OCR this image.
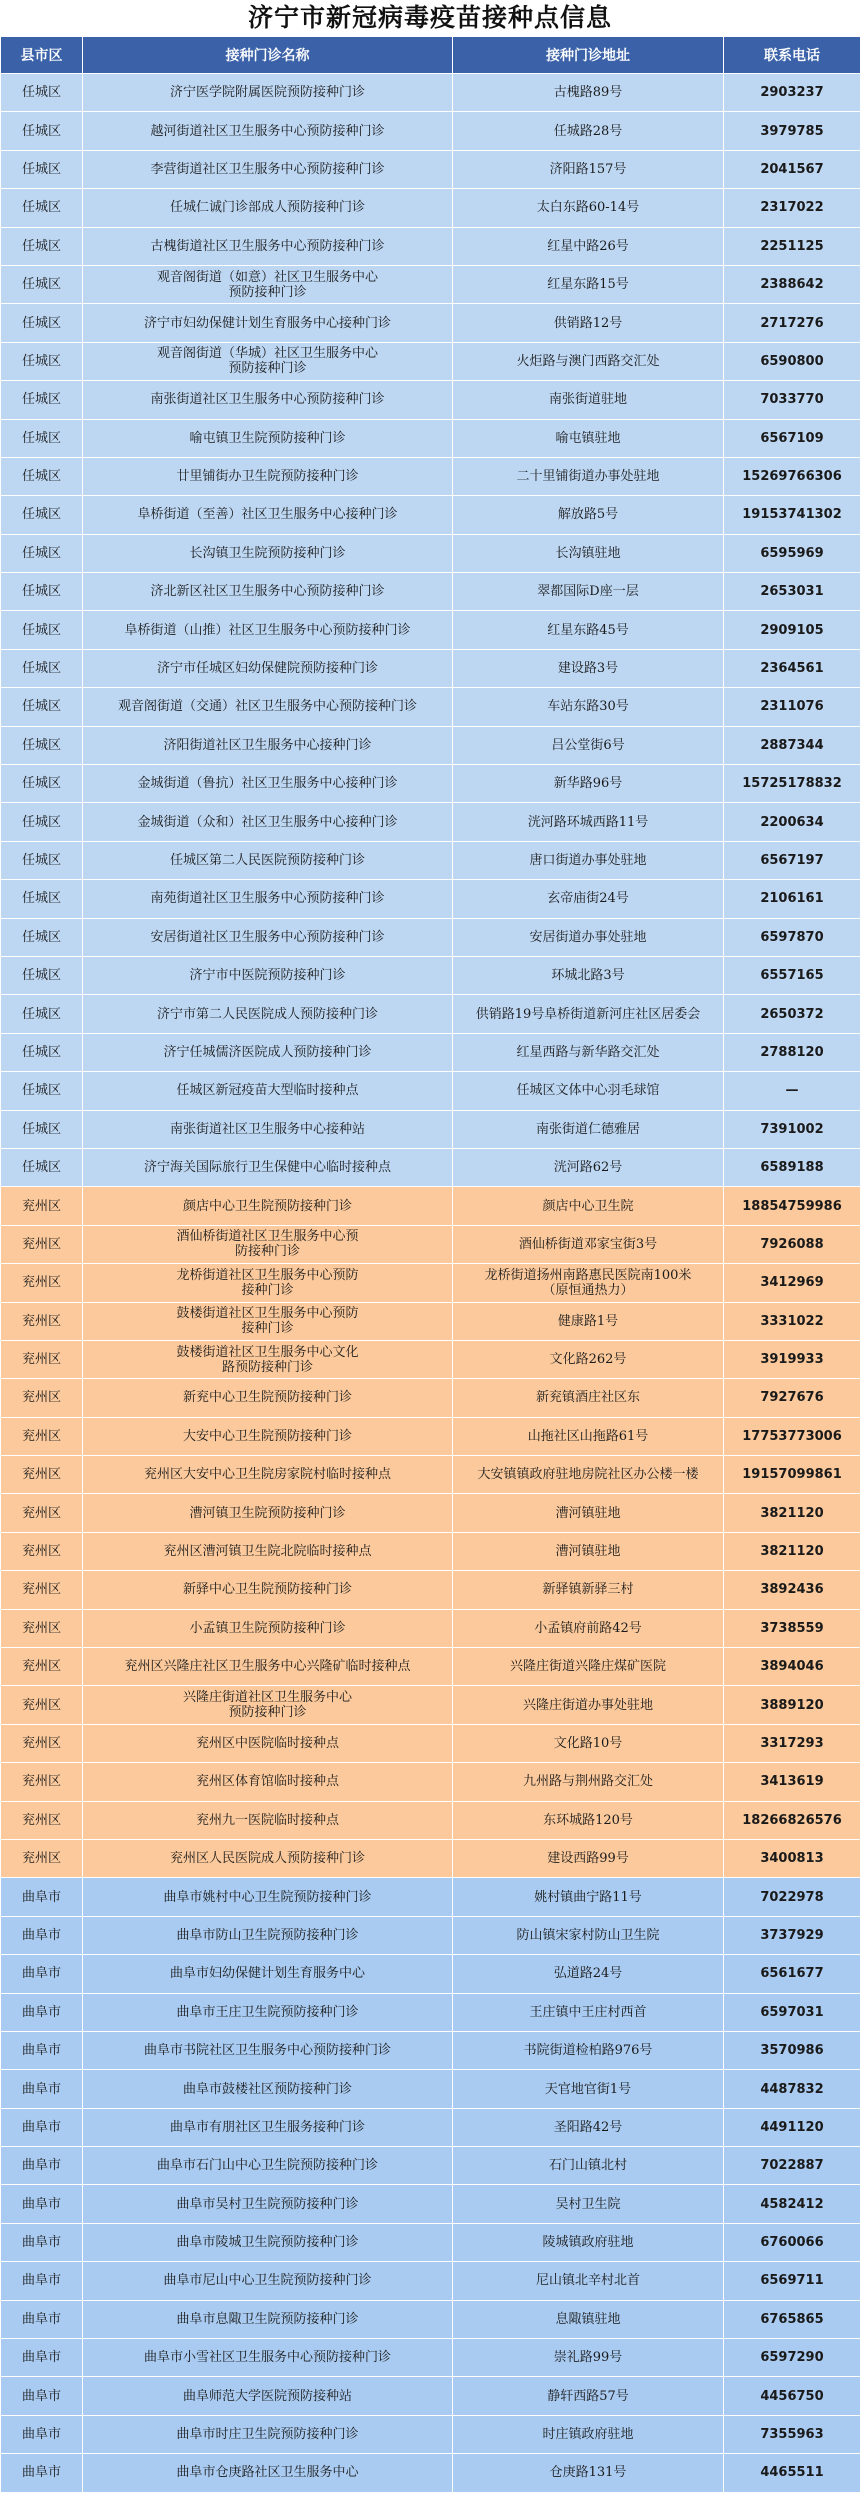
济宁市新冠病毒疫苗接种点信息
县市区	接种门诊名称	接种门诊地址	联系电话
任城区	济宁医学院附属医院预防接种门诊	古槐路89号	2903237
任城区	越河街道社区卫生服务中心预防接种门诊	任城路28号	3979785
任城区	李营街道社区卫生服务中心预防接种门诊	济阳路157号	2041567
任城区	任城仁诚门诊部成人预防接种门诊	太白东路60-14号	2317022
任城区	古槐街道社区卫生服务中心预防接种门诊	红星中路26号	2251125
任城区	观音阁街道（如意）社区卫生服务中心
预防接种门诊	红星东路15号	2388642
任城区	济宁市妇幼保健计划生育服务中心接种门诊	供销路12号	2717276
任城区	观音阁街道（华城）社区卫生服务中心
预防接种门诊	火炬路与澳门西路交汇处	6590800
任城区	南张街道社区卫生服务中心预防接种门诊	南张街道驻地	7033770
任城区	喻屯镇卫生院预防接种门诊	喻屯镇驻地	6567109
任城区	廿里铺街办卫生院预防接种门诊	二十里铺街道办事处驻地	15269766306
任城区	阜桥街道（至善）社区卫生服务中心接种门诊	解放路5号	19153741302
任城区	长沟镇卫生院预防接种门诊	长沟镇驻地	6595969
任城区	济北新区社区卫生服务中心预防接种门诊	翠都国际D座一层	2653031
任城区	阜桥街道（山推）社区卫生服务中心预防接种门诊	红星东路45号	2909105
任城区	济宁市任城区妇幼保健院预防接种门诊	建设路3号	2364561
任城区	观音阁街道（交通）社区卫生服务中心预防接种门诊	车站东路30号	2311076
任城区	济阳街道社区卫生服务中心接种门诊	吕公堂街6号	2887344
任城区	金城街道（鲁抗）社区卫生服务中心接种门诊	新华路96号	15725178832
任城区	金城街道（众和）社区卫生服务中心接种门诊	洸河路环城西路11号	2200634
任城区	任城区第二人民医院预防接种门诊	唐口街道办事处驻地	6567197
任城区	南苑街道社区卫生服务中心预防接种门诊	玄帝庙街24号	2106161
任城区	安居街道社区卫生服务中心预防接种门诊	安居街道办事处驻地	6597870
任城区	济宁市中医院预防接种门诊	环城北路3号	6557165
任城区	济宁市第二人民医院成人预防接种门诊	供销路19号阜桥街道新河庄社区居委会	2650372
任城区	济宁任城儒济医院成人预防接种门诊	红星西路与新华路交汇处	2788120
任城区	任城区新冠疫苗大型临时接种点	任城区文体中心羽毛球馆	—
任城区	南张街道社区卫生服务中心接种站	南张街道仁德雅居	7391002
任城区	济宁海关国际旅行卫生保健中心临时接种点	洸河路62号	6589188
兖州区	颜店中心卫生院预防接种门诊	颜店中心卫生院	18854759986
兖州区	酒仙桥街道社区卫生服务中心预
防接种门诊	酒仙桥街道邓家宝街3号	7926088
兖州区	龙桥街道社区卫生服务中心预防
接种门诊	龙桥街道扬州南路惠民医院南100米
（原恒通热力）	3412969
兖州区	鼓楼街道社区卫生服务中心预防
接种门诊	健康路1号	3331022
兖州区	鼓楼街道社区卫生服务中心文化
路预防接种门诊	文化路262号	3919933
兖州区	新兖中心卫生院预防接种门诊	新兖镇酒庄社区东	7927676
兖州区	大安中心卫生院预防接种门诊	山拖社区山拖路61号	17753773006
兖州区	兖州区大安中心卫生院房家院村临时接种点	大安镇镇政府驻地房院社区办公楼一楼	19157099861
兖州区	漕河镇卫生院预防接种门诊	漕河镇驻地	3821120
兖州区	兖州区漕河镇卫生院北院临时接种点	漕河镇驻地	3821120
兖州区	新驿中心卫生院预防接种门诊	新驿镇新驿三村	3892436
兖州区	小孟镇卫生院预防接种门诊	小孟镇府前路42号	3738559
兖州区	兖州区兴隆庄社区卫生服务中心兴隆矿临时接种点	兴隆庄街道兴隆庄煤矿医院	3894046
兖州区	兴隆庄街道社区卫生服务中心
预防接种门诊	兴隆庄街道办事处驻地	3889120
兖州区	兖州区中医院临时接种点	文化路10号	3317293
兖州区	兖州区体育馆临时接种点	九州路与荆州路交汇处	3413619
兖州区	兖州九一医院临时接种点	东环城路120号	18266826576
兖州区	兖州区人民医院成人预防接种门诊	建设西路99号	3400813
曲阜市	曲阜市姚村中心卫生院预防接种门诊	姚村镇曲宁路11号	7022978
曲阜市	曲阜市防山卫生院预防接种门诊	防山镇宋家村防山卫生院	3737929
曲阜市	曲阜市妇幼保健计划生育服务中心	弘道路24号	6561677
曲阜市	曲阜市王庄卫生院预防接种门诊	王庄镇中王庄村西首	6597031
曲阜市	曲阜市书院社区卫生服务中心预防接种门诊	书院街道检柏路976号	3570986
曲阜市	曲阜市鼓楼社区预防接种门诊	天官地官街1号	4487832
曲阜市	曲阜市有朋社区卫生服务接种门诊	圣阳路42号	4491120
曲阜市	曲阜市石门山中心卫生院预防接种门诊	石门山镇北村	7022887
曲阜市	曲阜市吴村卫生院预防接种门诊	吴村卫生院	4582412
曲阜市	曲阜市陵城卫生院预防接种门诊	陵城镇政府驻地	6760066
曲阜市	曲阜市尼山中心卫生院预防接种门诊	尼山镇北辛村北首	6569711
曲阜市	曲阜市息陬卫生院预防接种门诊	息陬镇驻地	6765865
曲阜市	曲阜市小雪社区卫生服务中心预防接种门诊	崇礼路99号	6597290
曲阜市	曲阜师范大学医院预防接种站	静轩西路57号	4456750
曲阜市	曲阜市时庄卫生院预防接种门诊	时庄镇政府驻地	7355963
曲阜市	曲阜市仓庚路社区卫生服务中心	仓庚路131号	4465511
